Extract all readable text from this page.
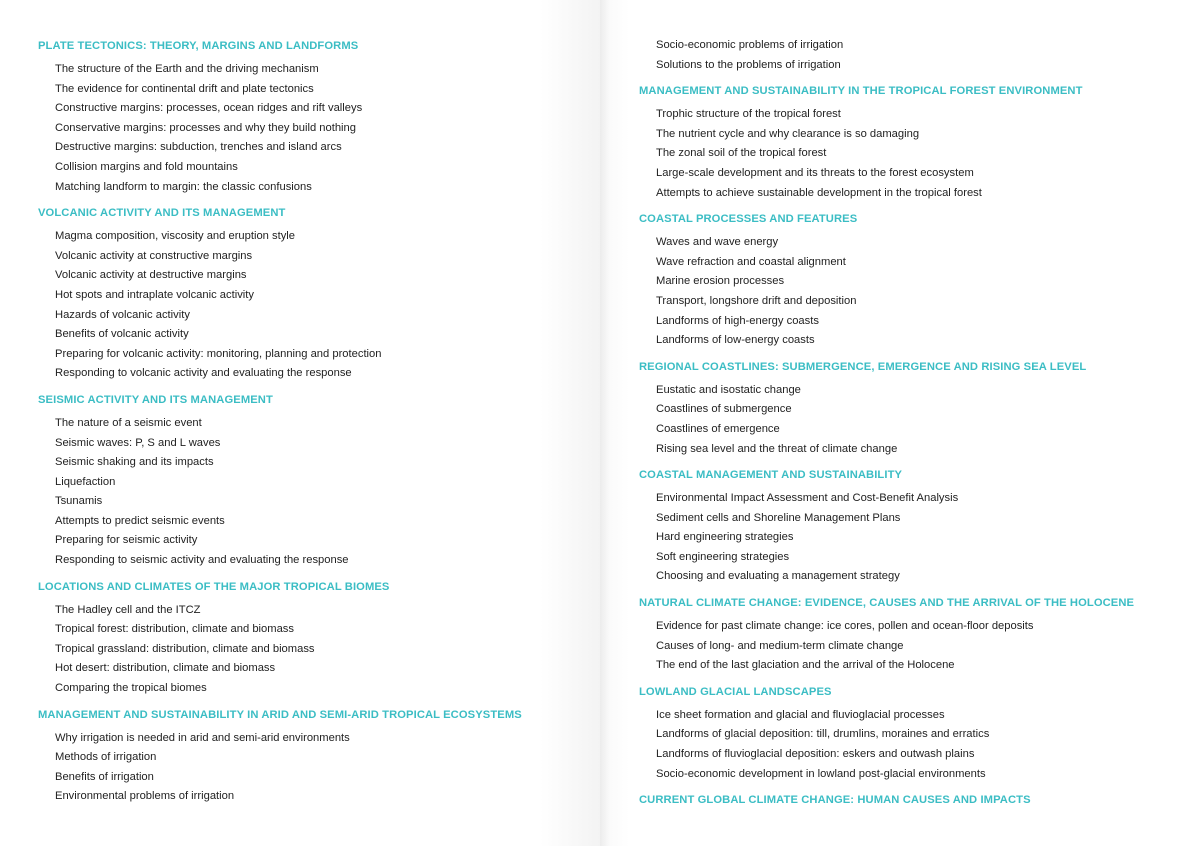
PLATE TECTONICS: THEORY, MARGINS AND LANDFORMS
The structure of the Earth and the driving mechanism
The evidence for continental drift and plate tectonics
Constructive margins: processes, ocean ridges and rift valleys
Conservative margins: processes and why they build nothing
Destructive margins: subduction, trenches and island arcs
Collision margins and fold mountains
Matching landform to margin: the classic confusions
VOLCANIC ACTIVITY AND ITS MANAGEMENT
Magma composition, viscosity and eruption style
Volcanic activity at constructive margins
Volcanic activity at destructive margins
Hot spots and intraplate volcanic activity
Hazards of volcanic activity
Benefits of volcanic activity
Preparing for volcanic activity: monitoring, planning and protection
Responding to volcanic activity and evaluating the response
SEISMIC ACTIVITY AND ITS MANAGEMENT
The nature of a seismic event
Seismic waves: P, S and L waves
Seismic shaking and its impacts
Liquefaction
Tsunamis
Attempts to predict seismic events
Preparing for seismic activity
Responding to seismic activity and evaluating the response
LOCATIONS AND CLIMATES OF THE MAJOR TROPICAL BIOMES
The Hadley cell and the ITCZ
Tropical forest: distribution, climate and biomass
Tropical grassland: distribution, climate and biomass
Hot desert: distribution, climate and biomass
Comparing the tropical biomes
MANAGEMENT AND SUSTAINABILITY IN ARID AND SEMI-ARID TROPICAL ECOSYSTEMS
Why irrigation is needed in arid and semi-arid environments
Methods of irrigation
Benefits of irrigation
Environmental problems of irrigation
Socio-economic problems of irrigation
Solutions to the problems of irrigation
MANAGEMENT AND SUSTAINABILITY IN THE TROPICAL FOREST ENVIRONMENT
Trophic structure of the tropical forest
The nutrient cycle and why clearance is so damaging
The zonal soil of the tropical forest
Large-scale development and its threats to the forest ecosystem
Attempts to achieve sustainable development in the tropical forest
COASTAL PROCESSES AND FEATURES
Waves and wave energy
Wave refraction and coastal alignment
Marine erosion processes
Transport, longshore drift and deposition
Landforms of high-energy coasts
Landforms of low-energy coasts
REGIONAL COASTLINES: SUBMERGENCE, EMERGENCE AND RISING SEA LEVEL
Eustatic and isostatic change
Coastlines of submergence
Coastlines of emergence
Rising sea level and the threat of climate change
COASTAL MANAGEMENT AND SUSTAINABILITY
Environmental Impact Assessment and Cost-Benefit Analysis
Sediment cells and Shoreline Management Plans
Hard engineering strategies
Soft engineering strategies
Choosing and evaluating a management strategy
NATURAL CLIMATE CHANGE: EVIDENCE, CAUSES AND THE ARRIVAL OF THE HOLOCENE
Evidence for past climate change: ice cores, pollen and ocean-floor deposits
Causes of long- and medium-term climate change
The end of the last glaciation and the arrival of the Holocene
LOWLAND GLACIAL LANDSCAPES
Ice sheet formation and glacial and fluvioglacial processes
Landforms of glacial deposition: till, drumlins, moraines and erratics
Landforms of fluvioglacial deposition: eskers and outwash plains
Socio-economic development in lowland post-glacial environments
CURRENT GLOBAL CLIMATE CHANGE: HUMAN CAUSES AND IMPACTS
